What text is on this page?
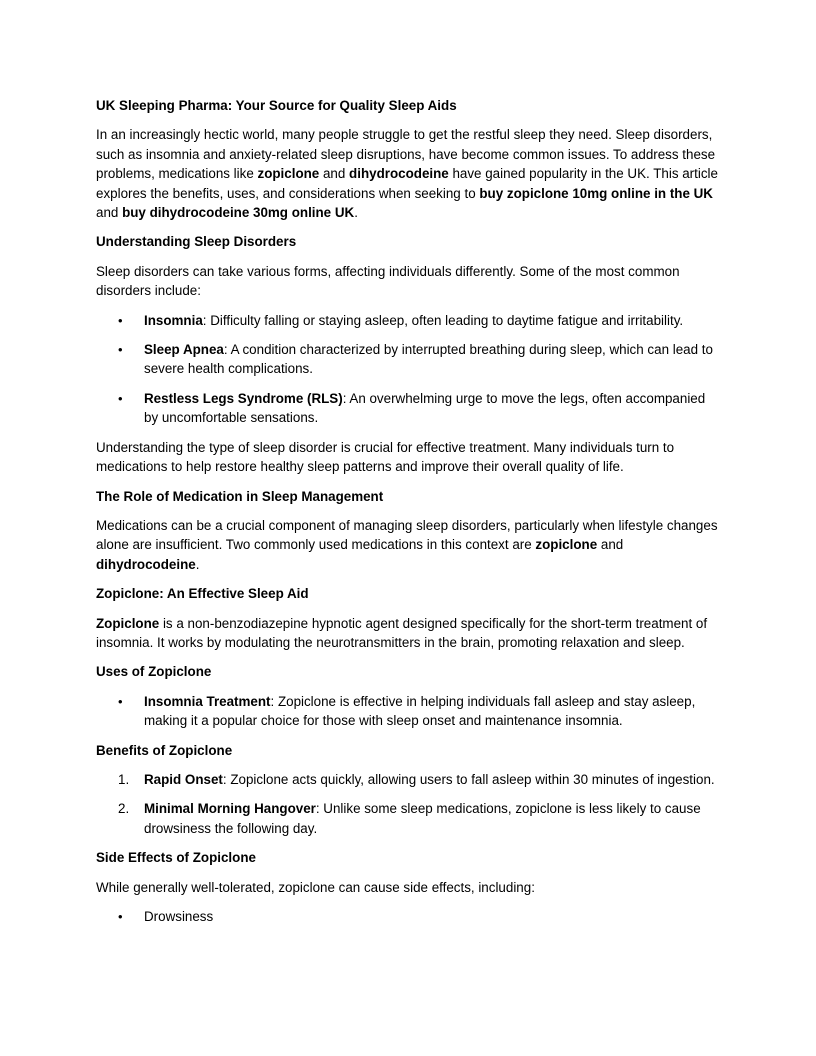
UK Sleeping Pharma: Your Source for Quality Sleep Aids

In an increasingly hectic world, many people struggle to get the restful sleep they need. Sleep disorders, such as insomnia and anxiety-related sleep disruptions, have become common issues. To address these problems, medications like zopiclone and dihydrocodeine have gained popularity in the UK. This article explores the benefits, uses, and considerations when seeking to buy zopiclone 10mg online in the UK and buy dihydrocodeine 30mg online UK.

Understanding Sleep Disorders

Sleep disorders can take various forms, affecting individuals differently. Some of the most common disorders include:

• Insomnia: Difficulty falling or staying asleep, often leading to daytime fatigue and irritability.
• Sleep Apnea: A condition characterized by interrupted breathing during sleep, which can lead to severe health complications.
• Restless Legs Syndrome (RLS): An overwhelming urge to move the legs, often accompanied by uncomfortable sensations.

Understanding the type of sleep disorder is crucial for effective treatment. Many individuals turn to medications to help restore healthy sleep patterns and improve their overall quality of life.

The Role of Medication in Sleep Management

Medications can be a crucial component of managing sleep disorders, particularly when lifestyle changes alone are insufficient. Two commonly used medications in this context are zopiclone and dihydrocodeine.

Zopiclone: An Effective Sleep Aid

Zopiclone is a non-benzodiazepine hypnotic agent designed specifically for the short-term treatment of insomnia. It works by modulating the neurotransmitters in the brain, promoting relaxation and sleep.

Uses of Zopiclone
• Insomnia Treatment: Zopiclone is effective in helping individuals fall asleep and stay asleep, making it a popular choice for those with sleep onset and maintenance insomnia.
Benefits of Zopiclone
1. Rapid Onset: Zopiclone acts quickly, allowing users to fall asleep within 30 minutes of ingestion.
2. Minimal Morning Hangover: Unlike some sleep medications, zopiclone is less likely to cause drowsiness the following day.
Side Effects of Zopiclone

While generally well-tolerated, zopiclone can cause side effects, including:

• Drowsiness
